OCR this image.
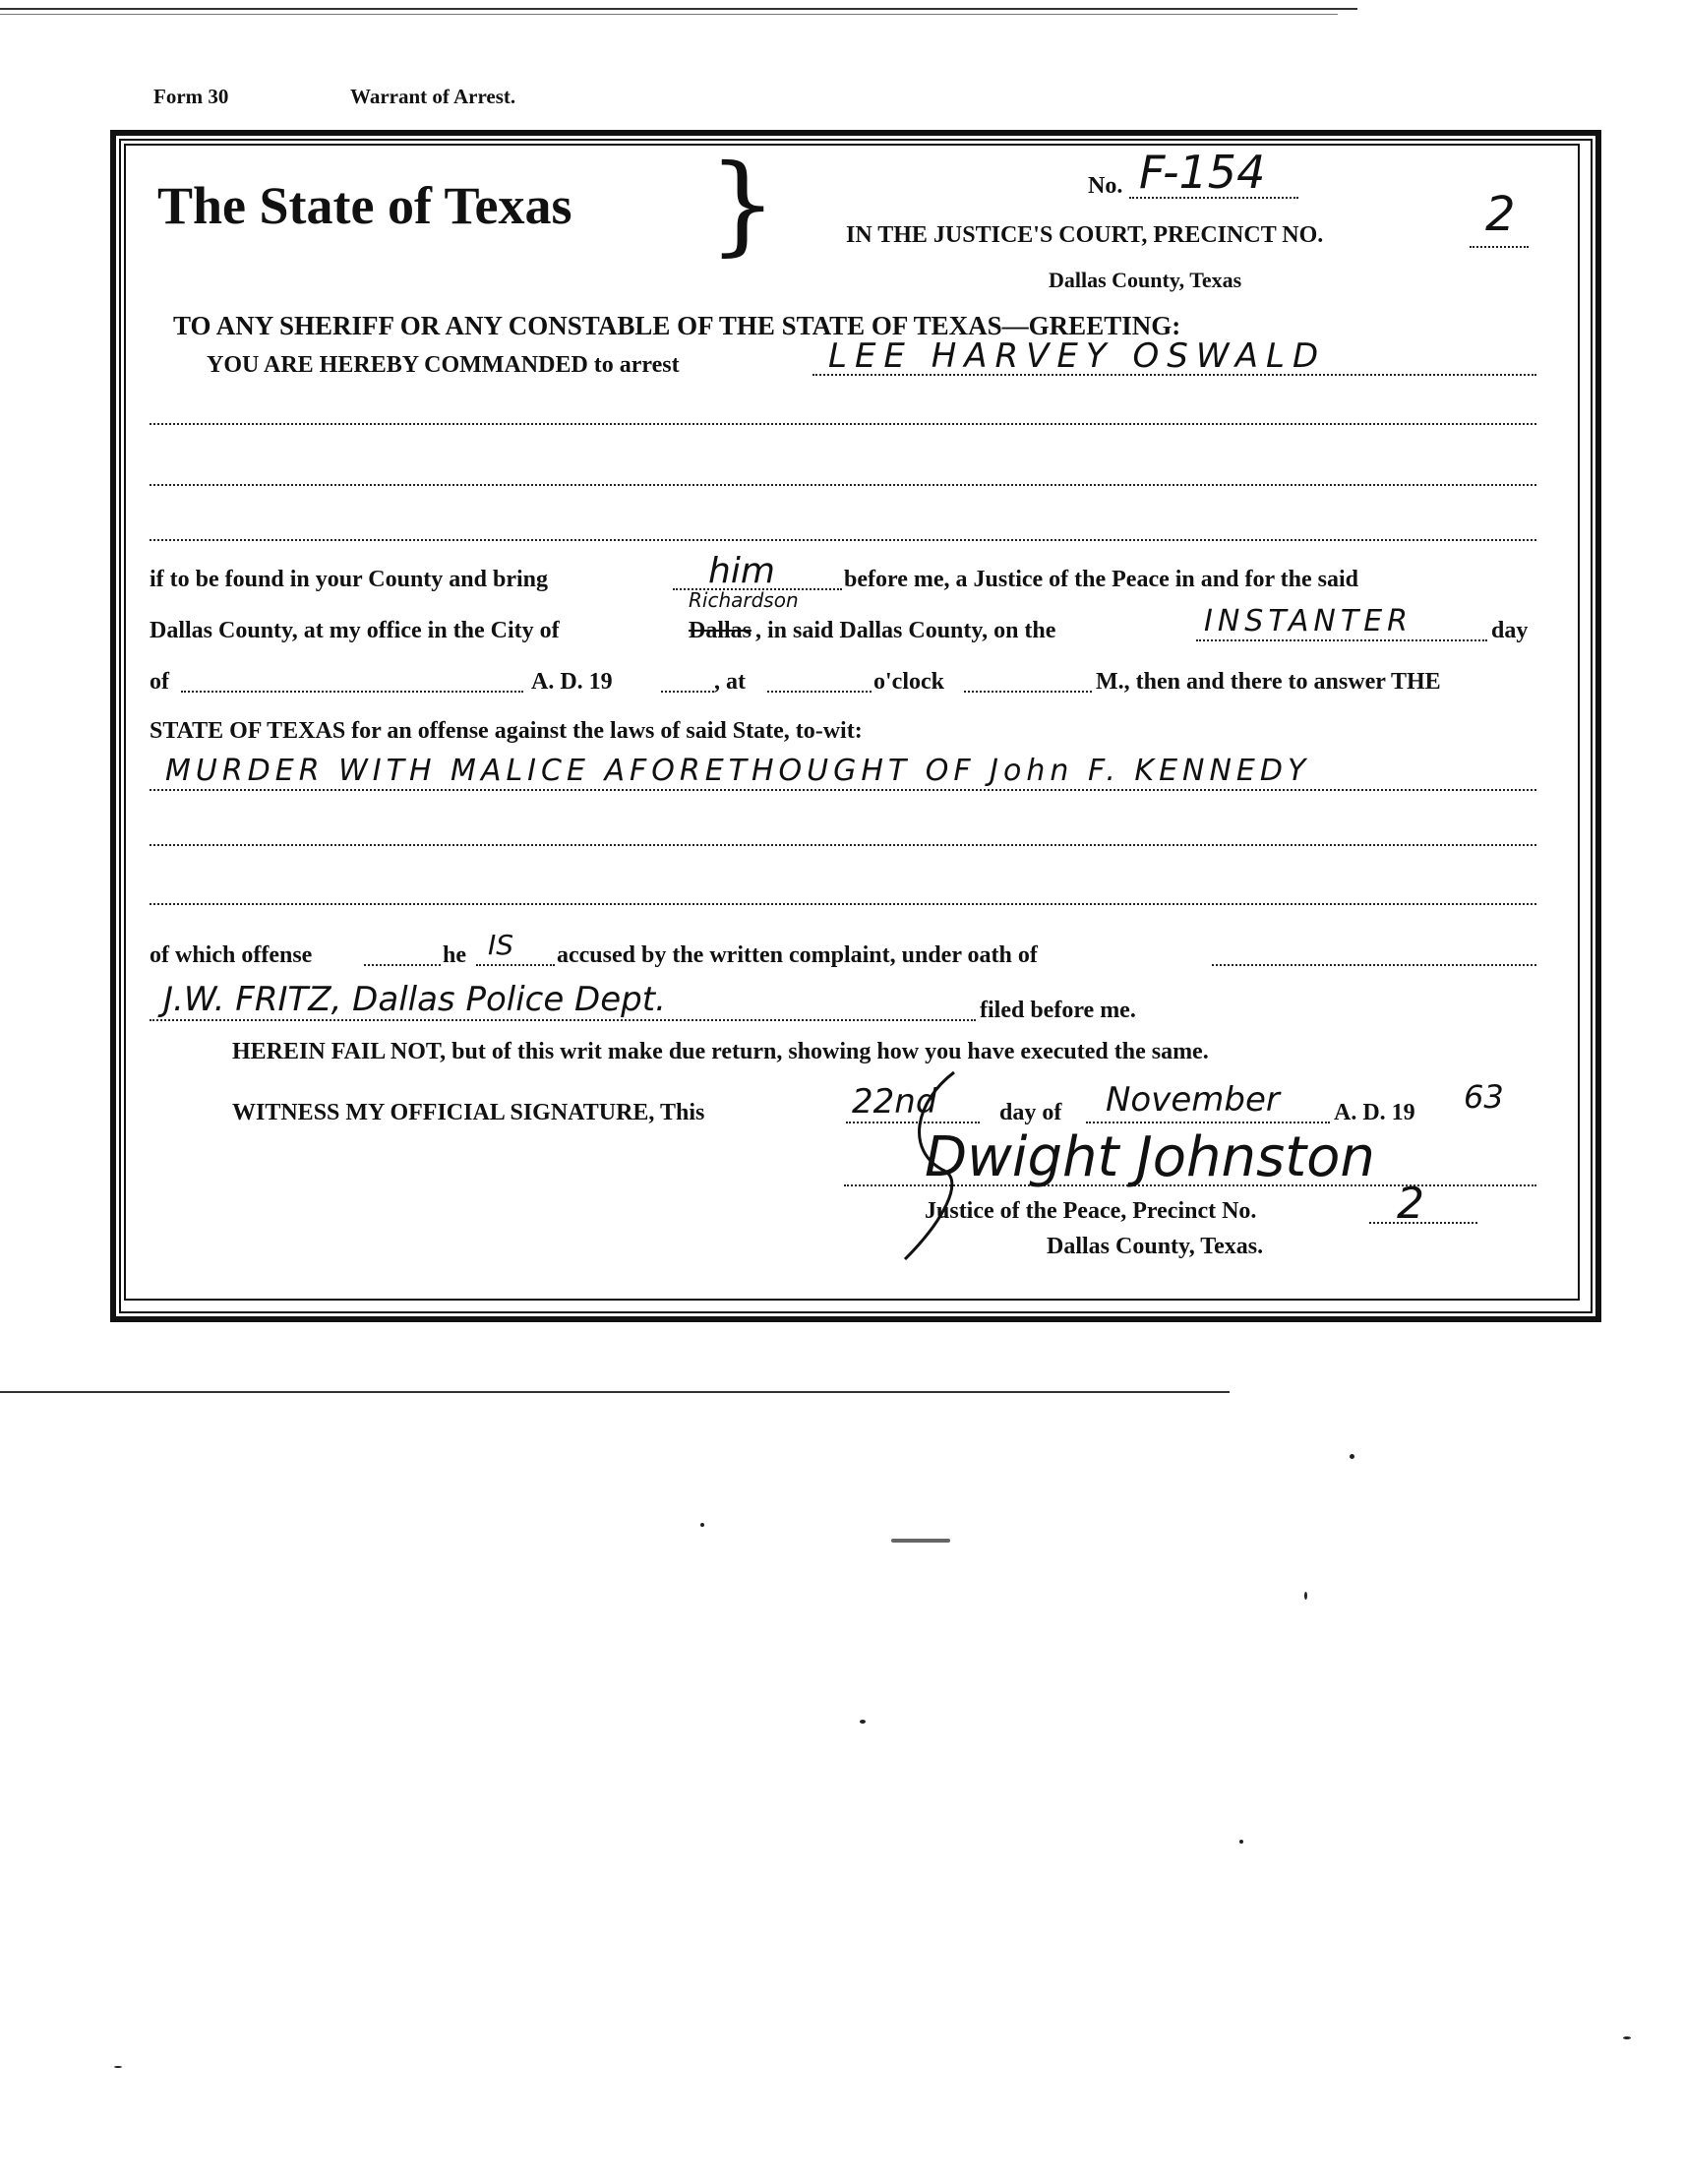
Form 30	Warrant of Arrest.
The State of Texas }	No. F-154
IN THE JUSTICE'S COURT, PRECINCT NO.	2
Dallas County, Texas
TO ANY SHERIFF OR ANY CONSTABLE OF THE STATE OF TEXAS—GREETING:
YOU ARE HEREBY COMMANDED to arrest	LEE HARVEY OSWALD
if to be found in your County and bring	him	before me, a Justice of the Peace in and for the said
Dallas County, at my office in the City of	Dallas
Richardson
, in said Dallas County, on the	INSTANTER	day
of	A. D. 19	, at	o'clock	M., then and there to answer THE
STATE OF TEXAS for an offense against the laws of said State, to-wit:
MURDER WITH MALICE AFORETHOUGHT OF John F. KENNEDY
of which offense	he IS accused by the written complaint, under oath of
J.W. FRITZ, Dallas Police Dept.	filed before me.
HEREIN FAIL NOT, but of this writ make due return, showing how you have executed the same.
WITNESS MY OFFICIAL SIGNATURE, This	22nd	day of November A. D. 19 63
Dwight Johnston
Justice of the Peace, Precinct No.	2
Dallas County, Texas.
